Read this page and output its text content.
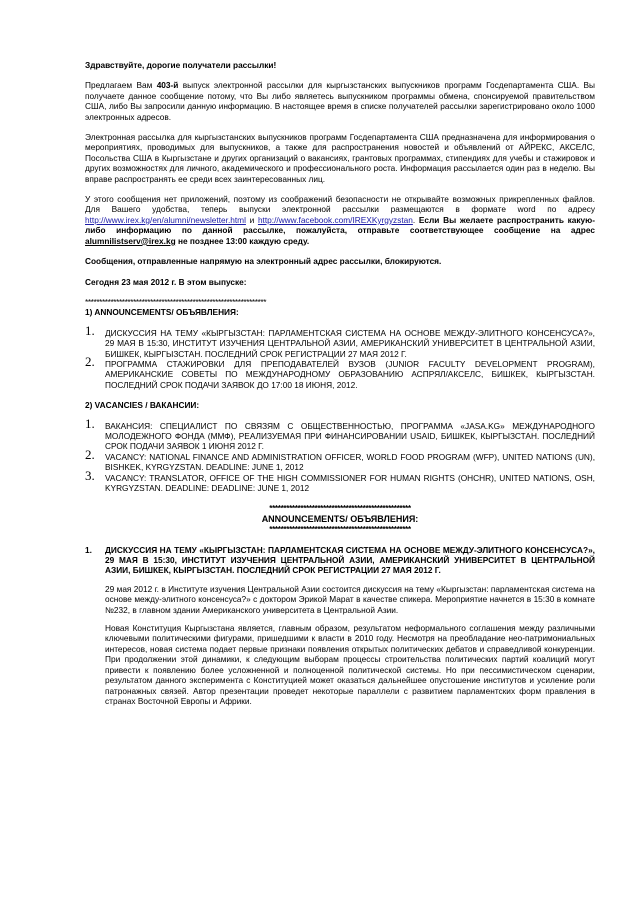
Здравствуйте, дорогие получатели рассылки!

Предлагаем Вам 403-й выпуск электронной рассылки для кыргызстанских выпускников программ Госдепартамента США. Вы получаете данное сообщение потому, что Вы либо являетесь выпускником программы обмена, спонсируемой правительством США, либо Вы запросили данную информацию. В настоящее время в списке получателей рассылки зарегистрировано около 1000 электронных адресов.

Электронная рассылка для кыргызстанских выпускников программ Госдепартамента США предназначена для информирования о мероприятиях, проводимых для выпускников, а также для распространения новостей и объявлений от АЙРЕКС, АКСЕЛС, Посольства США в Кыргызстане и других организаций о вакансиях, грантовых программах, стипендиях для учебы и стажировок и других возможностях для личного, академического и профессионального роста. Информация рассылается один раз в неделю. Вы вправе распространять ее среди всех заинтересованных лиц.

У этого сообщения нет приложений, поэтому из соображений безопасности не открывайте возможных прикрепленных файлов. Для Вашего удобства, теперь выпуски электронной рассылки размещаются в формате word по адресу http://www.irex.kg/en/alumni/newsletter.html и http://www.facebook.com/IREXKyrgyzstan. Если Вы желаете распространить какую-либо информацию по данной рассылке, пожалуйста, отправьте соответствующее сообщение на адрес alumnilistserv@irex.kg не позднее 13:00 каждую среду.

Сообщения, отправленные напрямую на электронный адрес рассылки, блокируются.

Сегодня 23 мая 2012 г. В этом выпуске:

****************************************************************

1) ANNOUNCEMENTS/ ОБЪЯВЛЕНИЯ:

1. ДИСКУССИЯ НА ТЕМУ «КЫРГЫЗСТАН: ПАРЛАМЕНТСКАЯ СИСТЕМА НА ОСНОВЕ МЕЖДУ-ЭЛИТНОГО КОНСЕНСУСА?», 29 МАЯ В 15:30, ИНСТИТУТ ИЗУЧЕНИЯ ЦЕНТРАЛЬНОЙ АЗИИ, АМЕРИКАНСКИЙ УНИВЕРСИТЕТ В ЦЕНТРАЛЬНОЙ АЗИИ, БИШКЕК, КЫРГЫЗСТАН. ПОСЛЕДНИЙ СРОК РЕГИСТРАЦИИ 27 МАЯ 2012 Г.
2. ПРОГРАММА СТАЖИРОВКИ ДЛЯ ПРЕПОДАВАТЕЛЕЙ ВУЗОВ (JUNIOR FACULTY DEVELOPMENT PROGRAM), АМЕРИКАНСКИЕ СОВЕТЫ ПО МЕЖДУНАРОДНОМУ ОБРАЗОВАНИЮ АСПРЯЛ/АКСЕЛС, БИШКЕК, КЫРГЫЗСТАН. ПОСЛЕДНИЙ СРОК ПОДАЧИ ЗАЯВОК ДО 17:00 18 ИЮНЯ, 2012.

2) VACANCIES / ВАКАНСИИ:

1. ВАКАНСИЯ: СПЕЦИАЛИСТ ПО СВЯЗЯМ С ОБЩЕСТВЕННОСТЬЮ, ПРОГРАММА «JASA.KG» МЕЖДУНАРОДНОГО МОЛОДЕЖНОГО ФОНДА (ММФ), РЕАЛИЗУЕМАЯ ПРИ ФИНАНСИРОВАНИИ USAID, БИШКЕК, КЫРГЫЗСТАН. ПОСЛЕДНИЙ СРОК ПОДАЧИ ЗАЯВОК 1 ИЮНЯ 2012 Г.
2. VACANCY: NATIONAL FINANCE AND ADMINISTRATION OFFICER, WORLD FOOD PROGRAM (WFP), UNITED NATIONS (UN), BISHKEK, KYRGYZSTAN. DEADLINE: JUNE 1, 2012
3. VACANCY: TRANSLATOR, OFFICE OF THE HIGH COMMISSIONER FOR HUMAN RIGHTS (OHCHR), UNITED NATIONS, OSH, KYRGYZSTAN. DEADLINE: DEADLINE: JUNE 1, 2012
**************************************************

ANNOUNCEMENTS/ ОБЪЯВЛЕНИЯ:

**************************************************
1. ДИСКУССИЯ НА ТЕМУ «КЫРГЫЗСТАН: ПАРЛАМЕНТСКАЯ СИСТЕМА НА ОСНОВЕ МЕЖДУ-ЭЛИТНОГО КОНСЕНСУСА?», 29 МАЯ В 15:30, ИНСТИТУТ ИЗУЧЕНИЯ ЦЕНТРАЛЬНОЙ АЗИИ, АМЕРИКАНСКИЙ УНИВЕРСИТЕТ В ЦЕНТРАЛЬНОЙ АЗИИ, БИШКЕК, КЫРГЫЗСТАН. ПОСЛЕДНИЙ СРОК РЕГИСТРАЦИИ 27 МАЯ 2012 Г.

29 мая 2012 г. в Институте изучения Центральной Азии состоится дискуссия на тему «Кыргызстан: парламентская система на основе между-элитного консенсуса?» с доктором Эрикой Марат в качестве спикера. Мероприятие начнется в 15:30 в комнате №232, в главном здании Американского университета в Центральной Азии.

Новая Конституция Кыргызстана является, главным образом, результатом неформального соглашения между различными ключевыми политическими фигурами, пришедшими к власти в 2010 году. Несмотря на преобладание нео-патримониальных интересов, новая система подает первые признаки появления открытых политических дебатов и справедливой конкуренции. При продолжении этой динамики, к следующим выборам процессы строительства политических партий коалиций могут привести к появлению более усложненной и полноценной политической системы. Но при пессимистическом сценарии, результатом данного эксперимента с Конституцией может оказаться дальнейшее опустошение институтов и усиление роли патронажных связей. Автор презентации проведет некоторые параллели с развитием парламентских форм правления в странах Восточной Европы и Африки.
